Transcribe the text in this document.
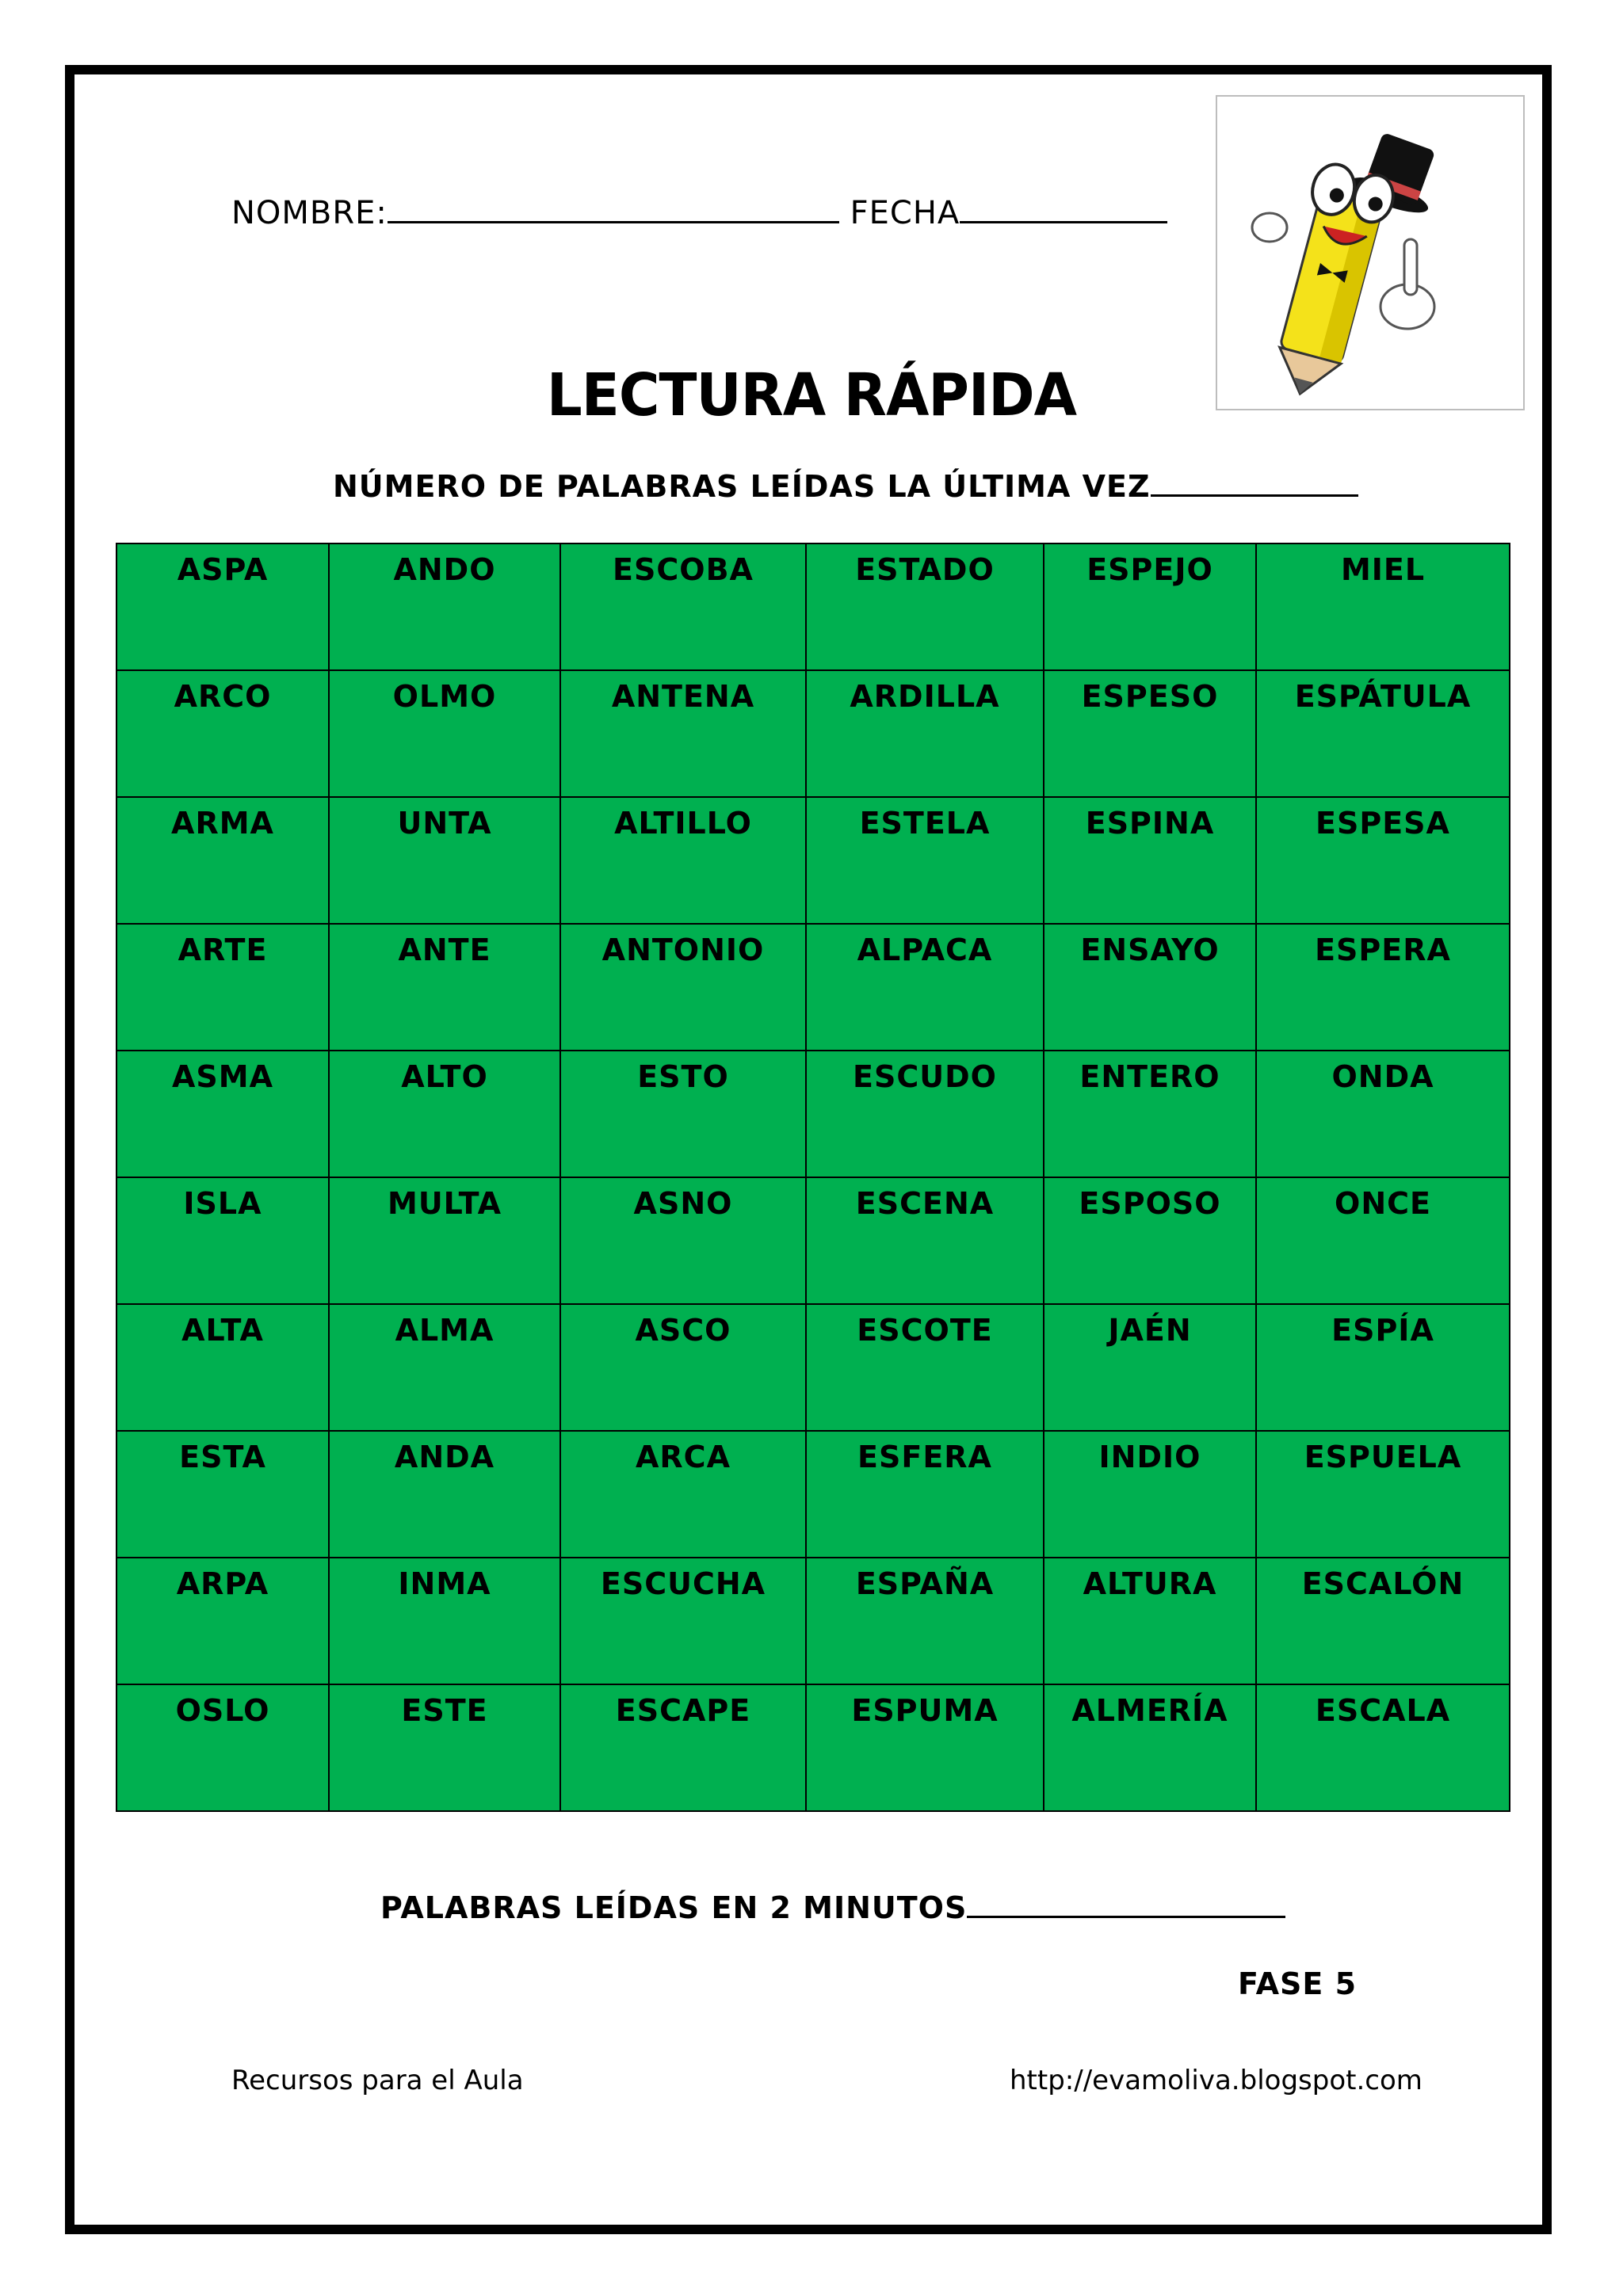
NOMBRE:	FECHA
LECTURA RÁPIDA
NÚMERO DE PALABRAS LEÍDAS LA ÚLTIMA VEZ
ASPA	ANDO	ESCOBA	ESTADO	ESPEJO	MIEL
ARCO	OLMO	ANTENA	ARDILLA	ESPESO	ESPÁTULA
ARMA	UNTA	ALTILLO	ESTELA	ESPINA	ESPESA
ARTE	ANTE	ANTONIO	ALPACA	ENSAYO	ESPERA
ASMA	ALTO	ESTO	ESCUDO	ENTERO	ONDA
ISLA	MULTA	ASNO	ESCENA	ESPOSO	ONCE
ALTA	ALMA	ASCO	ESCOTE	JAÉN	ESPÍA
ESTA	ANDA	ARCA	ESFERA	INDIO	ESPUELA
ARPA	INMA	ESCUCHA	ESPAÑA	ALTURA	ESCALÓN
OSLO	ESTE	ESCAPE	ESPUMA	ALMERÍA	ESCALA
PALABRAS LEÍDAS EN 2 MINUTOS
FASE 5
Recursos para el Aula	http://evamoliva.blogspot.com
